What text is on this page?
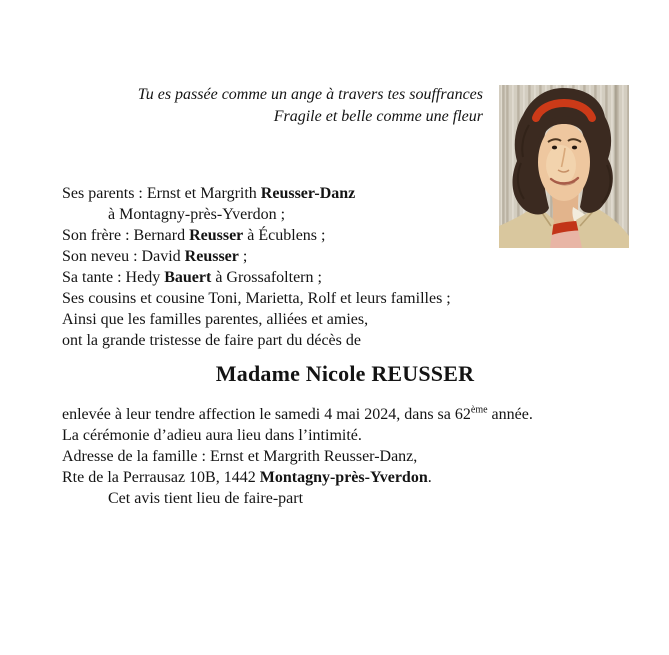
Tu es passée comme un ange à travers tes souffrances
Fragile et belle comme une fleur
Ses parents : Ernst et Margrith Reusser-Danz
à Montagny-près-Yverdon ;
Son frère : Bernard Reusser à Écublens ;
Son neveu : David Reusser ;
Sa tante : Hedy Bauert à Grossafoltern ;
Ses cousins et cousine Toni, Marietta, Rolf et leurs familles ;
Ainsi que les familles parentes, alliées et amies,
ont la grande tristesse de faire part du décès de
Madame Nicole REUSSER
enlevée à leur tendre affection le samedi 4 mai 2024, dans sa 62ème année.
La cérémonie d’adieu aura lieu dans l’intimité.
Adresse de la famille : Ernst et Margrith Reusser-Danz,
Rte de la Perrausaz 10B, 1442 Montagny-près-Yverdon.
Cet avis tient lieu de faire-part
